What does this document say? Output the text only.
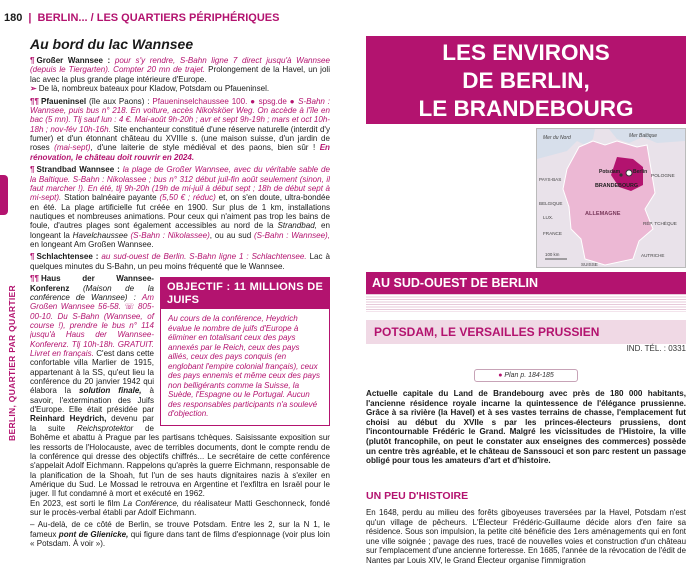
BERLIN, QUARTIER PAR QUARTIER
180 | BERLIN... / LES QUARTIERS PÉRIPHÉRIQUES
Au bord du lac Wannsee

¶ Großer Wannsee : pour s'y rendre, S-Bahn ligne 7 direct jusqu'à Wannsee (depuis le Tiergarten). Compter 20 mn de trajet. Prolongement de la Havel, un joli lac avec la plus grande plage intérieure d'Europe.
➢ De là, nombreux bateaux pour Kladow, Potsdam ou Pfaueninsel.

¶¶ Pfaueninsel (île aux Paons) : Pfaueninselchaussee 100. ● spsg.de ● S-Bahn : Wannsee, puis bus n° 218. En voiture, accès Nikolsköer Weg. On accède à l'île en bac (5 mn). Tlj sauf lun : 4 €. Mai-août 9h-20h ; avr et sept 9h-19h ; mars et oct 10h-18h ; nov-fév 10h-16h. Site enchanteur constitué d'une réserve naturelle (interdit d'y fumer) et d'un étonnant château du XVIIIe s. (une maison suisse, d'un jardin de roses (mai-sept), d'une laiterie de style médiéval et des paons, bien sûr ! En rénovation, le château doit rouvrir en 2024.

¶ Strandbad Wannsee : la plage de Großer Wannsee, avec du véritable sable de la Baltique. S-Bahn : Nikolassee ; bus n° 312 début juil-fin août seulement (sinon, il faut marcher !). En été, tlj 9h-20h (19h de mi-juil à début sept ; 18h de début sept à mi-sept). Station balnéaire payante (5,50 € ; réduc) et, on s'en doute, ultra-bondée en été. La plage artificielle fut créée en 1900. Sur plus de 1 km, installations nautiques et nombreuses animations. Pour ceux qui n'aiment pas trop les bains de foule, d'autres plages sont également accessibles au nord de la Strandbad, en longeant la Havelchaussee (S-Bahn : Nikolassee), ou au sud (S-Bahn : Wannsee), en longeant Am Großen Wannsee.

¶ Schlachtensee : au sud-ouest de Berlin. S-Bahn ligne 1 : Schlachtensee. Lac à quelques minutes du S-Bahn, un peu moins fréquenté que le Wannsee.

OBJECTIF : 11 MILLIONS DE JUIFS
Au cours de la conférence, Heydrich évalue le nombre de juifs d'Europe à éliminer en totalisant ceux des pays annexés par le Reich, ceux des pays alliés, ceux des pays conquis (en englobant l'empire colonial français), ceux des pays ennemis et même ceux des pays non belligérants comme la Suisse, la Suède, l'Espagne ou le Portugal. Aucun des responsables participants n'a soulevé d'objection.

¶¶ Haus der Wannsee-Konferenz (Maison de la conférence de Wannsee) : Am Großen Wannsee 56-58. ☏ 805-00-10. Du S-Bahn (Wannsee, of course !), prendre le bus n° 114 jusqu'à Haus der Wannsee-Konferenz. Tlj 10h-18h. GRATUIT. Livret en français. C'est dans cette confortable villa Marlier de 1915, appartenant à la SS, qu'eut lieu la conférence du 20 janvier 1942 qui élabora la solution finale, à savoir, l'extermination des Juifs d'Europe. Elle était présidée par Reinhard Heydrich, devenu par la suite Reichsprotektor de Bohême et abattu à Prague par les partisans tchèques. Saisissante exposition sur les ressorts de l'Holocauste, avec de terribles documents, dont le compte rendu de la conférence qui dresse des objectifs chiffrés... Le secrétaire de cette conférence s'appelait Adolf Eichmann. Rappelons qu'après la guerre Eichmann, responsable de la planification de la Shoah, fut l'un de ses hauts dignitaires nazis à s'exiler en Amérique du Sud. Le Mossad le retrouva en Argentine et l'exfiltra en Israël pour le juger. Il fut condamné à mort et exécuté en 1962.
En 2023, est sorti le film La Conférence, du réalisateur Matti Geschonneck, fondé sur le procès-verbal établi par Adolf Eichmann.

– Au-delà, de ce côté de Berlin, se trouve Potsdam. Entre les 2, sur la N 1, le fameux pont de Glienicke, qui figure dans tant de films d'espionnage (voir plus loin « Potsdam. À voir »).

LES ENVIRONS
DE BERLIN,
LE BRANDEBOURG
Mer du Nord	Mer Baltique
POLOGNE
Potsdam	Berlin
BRANDEBOURG
PAYS-BAS
BELGIQUE
LUX.
FRANCE
ALLEMAGNE
RÉP. TCHÈQUE
AUTRICHE
SUISSE
100 km
AU SUD-OUEST DE BERLIN
POTSDAM, LE VERSAILLES PRUSSIEN
IND. TÉL. : 0331
● Plan p. 184-185
Actuelle capitale du Land de Brandebourg avec près de 180 000 habitants, l'ancienne résidence royale incarne la quintessence de l'élégance prussienne. Grâce à sa rivière (la Havel) et à ses vastes terrains de chasse, l'emplacement fut choisi au début du XVIIe s par les princes-électeurs prussiens, dont l'incontournable Frédéric le Grand. Malgré les vicissitudes de l'Histoire, la ville (plutôt francophile, on peut le constater aux enseignes des commerces) possède un centre très agréable, et le château de Sanssouci et son parc restent un passage obligé pour tous les amateurs d'art et d'histoire.
UN PEU D'HISTOIRE
En 1648, perdu au milieu des forêts giboyeuses traversées par la Havel, Potsdam n'est qu'un village de pêcheurs. L'Électeur Frédéric-Guillaume décide alors d'en faire sa résidence. Sous son impulsion, la petite cité bénéficie des 1ers aménagements qui en font une ville soignée ; pavage des rues, tracé de nouvelles voies et construction d'un château sur l'emplacement d'une ancienne forteresse. En 1685, l'année de la révocation de l'édit de Nantes par Louis XIV, le Grand Électeur organise l'immigration
